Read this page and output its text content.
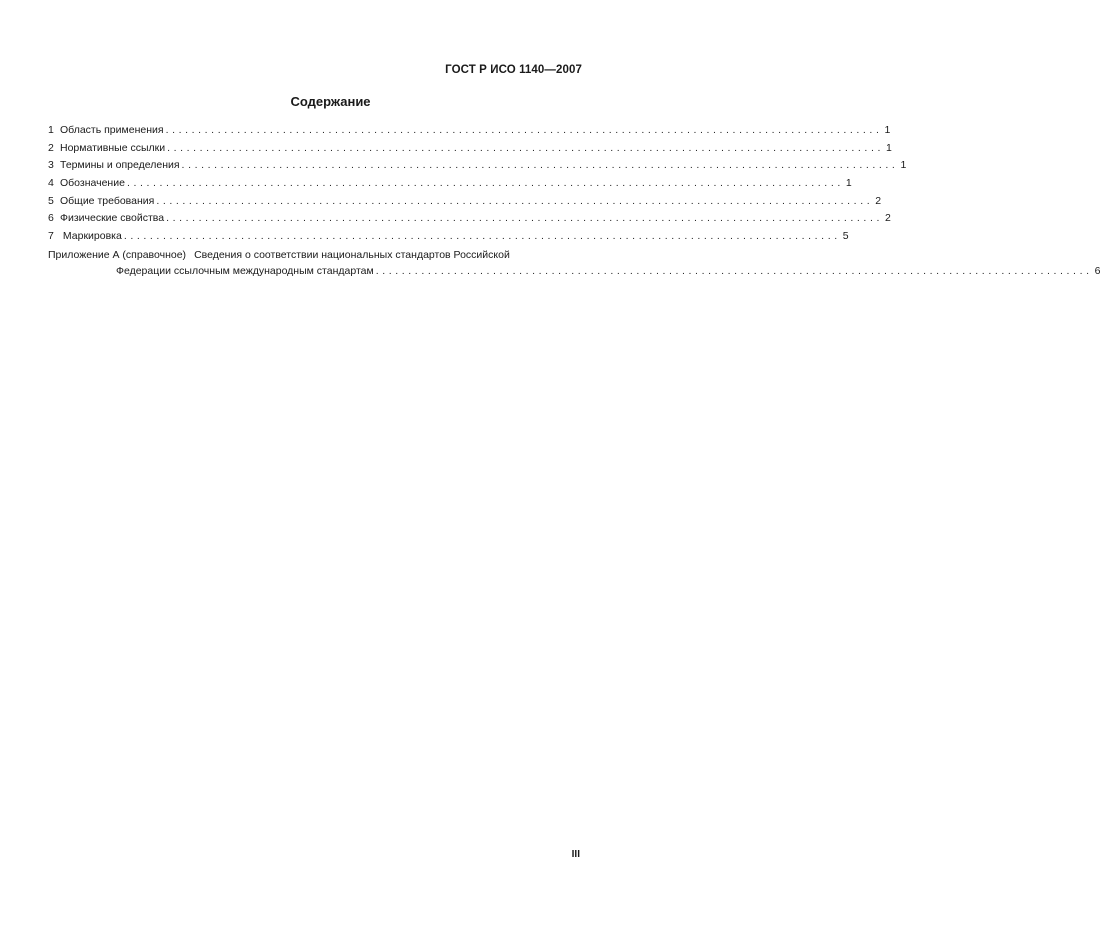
ГОСТ Р ИСО 1140—2007
Содержание
1 Область применения .............................................................................................................. 1
2 Нормативные ссылки .............................................................................................................. 1
3 Термины и определения .............................................................................................................. 1
4 Обозначение .............................................................................................................. 1
5 Общие требования .............................................................................................................. 2
6 Физические свойства .............................................................................................................. 2
7 Маркировка .............................................................................................................. 5
Приложение А (справочное) Сведения о соответствии национальных стандартов Российской
Федерации ссылочным международным стандартам .............................................................................................................. 6
III
